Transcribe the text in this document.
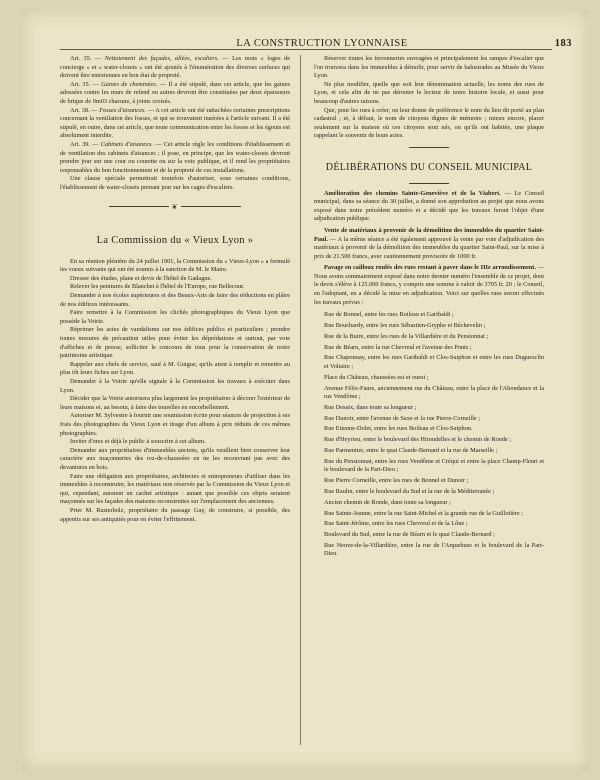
LA CONSTRUCTION LYONNAISE	183

Art. 35. — Nettoiement des façades, allées, escaliers. — Les mots « loges de concierge » et « water-closets » ont été ajoutés à l'énumération des diverses surfaces qui doivent être entretenues en bon état de propreté.

Art. 35. — Gaines de cheminées. — Il a été stipulé, dans cet article, que les gaines adossées contre les murs de refend ou autres devront être constituées par deux épaisseurs de brique de 0m03 chacune, à joints croisés.

Art. 38. — Fosses d'aisances. — A cet article ont été rattachées certaines prescriptions concernant la ventilation des fosses, et qui se trouvaient insérées à l'article suivant. Il a été stipulé, en outre, dans cet article, que toute communication entre les fosses et les égouts est absolument interdite.

Art. 39. — Cabinets d'aisances. — Cet article règle les conditions d'établissement et de ventilation des cabinets d'aisances ; il pose, en principe, que les water-closets devront prendre jour sur une cour ou courette ou sur la voie publique, et il rend les propriétaires responsables du bon fonctionnement et de la propreté de ces installations.

Une clause spéciale permettrait toutefois d'autoriser, sous certaines conditions, l'établissement de water-closets prenant jour sur les cages d'escaliers.

❦
La Commission du « Vieux Lyon »

En sa réunion plénière du 24 juillet 1901, la Commission du « Vieux-Lyon » a formulé les voeux suivants qui ont été soumis à la sanction de M. le Maire.

Dresser des études, plans et devis de l'hôtel de Gadagne.

Relever les peintures de Blanchet à l'hôtel de l'Europe, rue Bellecour.

Demander à nos écoles supérieures et des Beaux-Arts de faire des réductions en plâtre de nos édifices intéressants.

Faire remettre à la Commission les clichés photographiques du Vieux Lyon que possède la Voirie.

Réprimer les actes de vandalisme sur nos édifices publics et particuliers ; prendre toutes mesures de précaution utiles pour éviter les déprédations et surtout, par voie d'affiches et de presse, solliciter le concours de tous pour la conservation de notre patrimoine artistique.

Rappeler aux chefs de service, sauf à M. Guigue, qu'ils aient à remplir et remettre au plus tôt leurs fiches sur Lyon.

Demander à la Voirie qu'elle signale à la Commission les travaux à exécuter dans Lyon.

Décider que la Voirie autorisera plus largement les propriétaires à décorer l'extérieur de leurs maisons et, au besoin, à faire des tourelles en encorbellement.

Autoriser M. Sylvestre à fournir une soumission écrite pour séances de projection à ses frais des photographies du Vieux Lyon et tirage d'un album à prix réduits de ces mêmes photographies.

Inviter d'ores et déjà le public à souscrire à cet album.

Demander aux propriétaires d'immeubles anciens, qu'ils veuillent bien conserver leur caractère aux maçonneries des rez-de-chaussées en ne les recouvrant pas avec des devantures en bois.

Faire une obligation aux propriétaires, architectes et entrepreneurs d'utiliser dans les immeubles à reconstruire, les matériaux non réservés par la Commission du Vieux Lyon et qui, cependant, auraient un cachet artistique : autant que possible ces objets seraient maçonnés sur les façades des maisons reconstruites sur l'emplacement des anciennes.

Prier M. Rusterholz, propriétaire du passage Gay, de construire, si possible, des appentis sur ses antiquités pour en éviter l'effritement.

Réserver toutes les ferronneries ouvragées et principalement les rampes d'escalier que l'on trouvera dans les immeubles à démolir, pour servir de balustrades au Musée du Vieux Lyon.

Ne plus modifier, quelle que soit leur dénomination actuelle, les noms des rues de Lyon, et cela afin de ne pas dérouter le lecteur de notre histoire locale, et aussi pour beaucoup d'autres raisons.

Que, pour les rues à créer, on leur donne de préférence le nom du lieu dit porté au plan cadastral ; et, à défaut, le nom de citoyens dignes de mémoire ; mieux encore, placer seulement sur la maison où ces citoyens sont nés, ou qu'ils ont habitée, une plaque rappelant le souvenir de leurs actes.

DÉLIBÉRATIONS DU CONSEIL MUNICIPAL

Amélioration des chemins Sainte-Geneviève et de la Viabert. — Le Conseil municipal, dans sa séance du 30 juillet, a donné son approbation au projet que nous avons exposé dans notre précédent numéro et a décidé que les travaux feront l'objet d'une adjudication publique.

Vente de matériaux à provenir de la démolition des immeubles du quartier Saint-Paul. — A la même séance a été également approuvé la vente par voie d'adjudication des matériaux à provenir de la démolition des immeubles du quartier Saint-Paul, sur la mise à prix de 21.500 francs, avec cautionnement provisoire de 1000 fr.

Pavage en cailloux roulés des rues restant à paver dans le IIIe arrondissement. — Nous avons sommairement exposé dans notre dernier numéro l'ensemble de ce projet, dont le devis s'élève à 125.000 francs, y compris une somme à valoir de 3705 fr. 20 ; le Conseil, en l'adoptant, en a décidé la mise en adjudication. Voici sur quelles rues seront effectués les travaux prévus :

Rue de Bonnel, entre les rues Boileau et Garibaldi ;

Rue Bouchardy, entre les rues Sébastien-Gryphe et Béchevelin ;

Rue de la Buire, entre les rues de la Villardière et du Pensionnat ;

Rue de Béarn, entre la rue Chevreul et l'avenue des Ponts ;

Rue Chaponnay, entre les rues Garibaldi et Clos-Suiphon et entre les rues Duguesclin et Voltaire ;

Place du Château, chaussées est et ouest ;

Avenue Félix-Faure, anciennement rue du Château, entre la place de l'Abondance et la rue Vendôme ;

Rue Desaix, dans toute sa longueur ;

Rue Dunoir, entre l'avenue de Saxe et la rue Pierre-Corneille ;

Rue Etienne-Dolet, entre les rues Boileau et Clos-Suiphon.

Rue d'Heyrieu, entre le boulevard des Hirondelles et le chemin de Ronde ;

Rue Parmentier, entre le quai Claude-Bernard et la rue de Marseille ;

Rue du Pensionnat, entre les rues Vendôme et Créqui et entre la place Champ-Fleuri et le boulevard de la Part-Dieu ;

Rue Pierre Corneille, entre les rues de Bonnel et Dunoir ;

Rue Raulin, entre le boulevard du Sud et la rue de la Méditerranée ;

Ancien chemin de Ronde, dans toute sa longueur ;

Rue Sainte-Jeanne, entre la rue Saint-Michel et la grande rue de la Guillotière ;

Rue Saint-Jérôme, entre les rues Chevreul et de la Lône ;

Boulevard du Sud, entre la rue de Béarn et le quai Claude-Bernard ;

Rue Neuve-de-la-Villardière, entre la rue de l'Arquebuse et le boulevard de la Part-Dieu.
